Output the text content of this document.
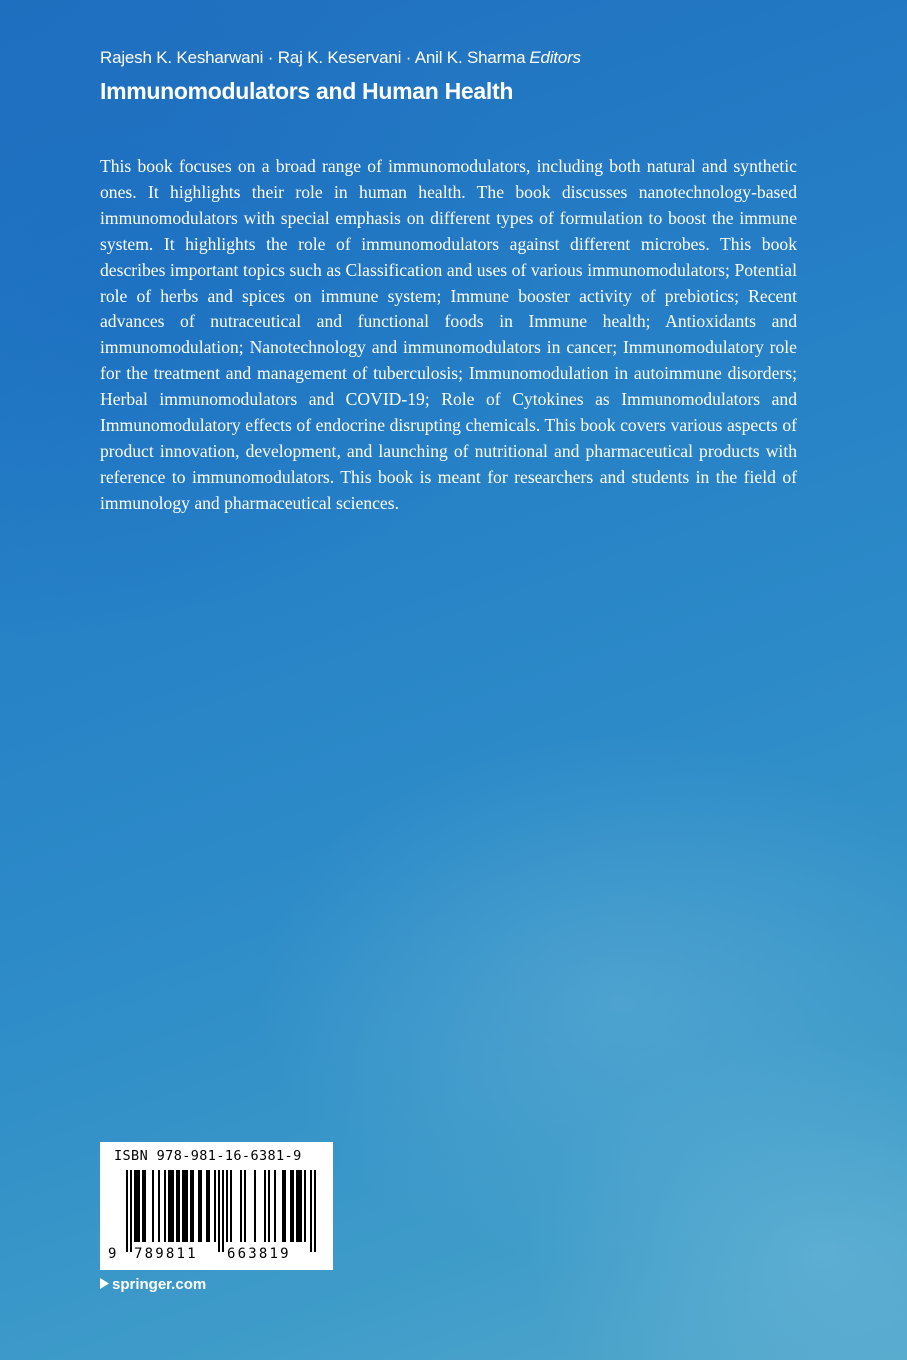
Rajesh K. Kesharwani · Raj K. Keservani · Anil K. Sharma Editors
Immunomodulators and Human Health

This book focuses on a broad range of immunomodulators, including both natural and synthetic ones. It highlights their role in human health. The book discusses nanotechnology-based immunomodulators with special emphasis on different types of formulation to boost the immune system. It highlights the role of immunomodulators against different microbes. This book describes important topics such as Classification and uses of various immunomodulators; Potential role of herbs and spices on immune system; Immune booster activity of prebiotics; Recent advances of nutraceutical and functional foods in Immune health; Antioxidants and immunomodulation; Nanotechnology and immunomodulators in cancer; Immunomodulatory role for the treatment and management of tuberculosis; Immunomodulation in autoimmune disorders; Herbal immunomodulators and COVID-19; Role of Cytokines as Immunomodulators and Immunomodulatory effects of endocrine disrupting chemicals. This book covers various aspects of product innovation, development, and launching of nutritional and pharmaceutical products with reference to immunomodulators. This book is meant for researchers and students in the field of immunology and pharmaceutical sciences.

ISBN 978-981-16-6381-9
9 789811 663819
springer.com
